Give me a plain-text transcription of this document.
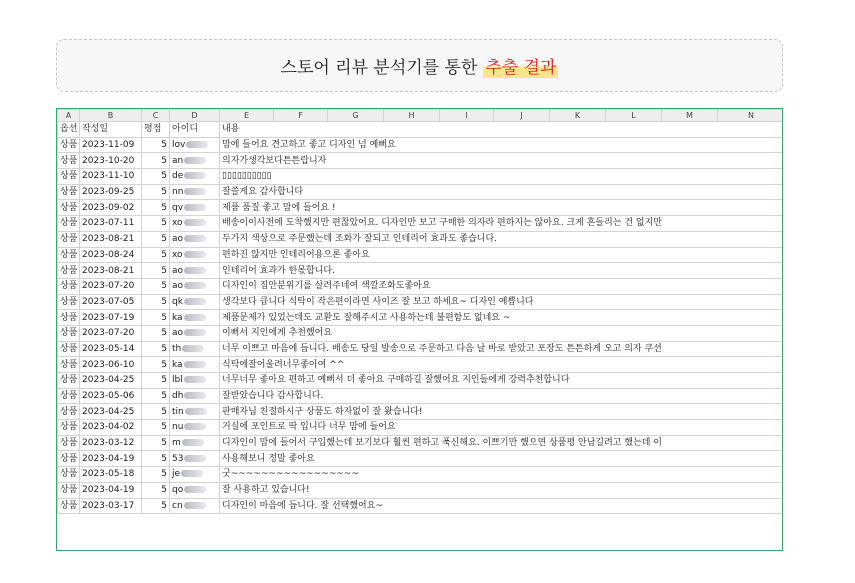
스토어 리뷰 분석기를 통한 추출 결과
A	B	C	D	E	F	G	H	I	J	K	L	M	N
옵션	작성일	평점	아이디	내용									
상품	2023-11-09	5	lov	맘에 들어요 견고하고 좋고 디자인 넘 예뻐요									
상품	2023-10-20	5	an	의자가생각보다튼튼랍니자									
상품	2023-11-10	5	de	▯▯▯▯▯▯▯▯▯▯									
상품	2023-09-25	5	nn	잘쓸게요 감사합니다									
상품	2023-09-02	5	qv	제품 품질 좋고 맘에 들어요 !									
상품	2023-07-11	5	xo	배송이이사전에 도착했지만 편찮았어요. 디자인만 보고 구매한 의자라 편하지는 않아요. 크게 흔들리는 건 없지만									
상품	2023-08-21	5	ao	두가지 색상으로 주문했는데 조화가 잘되고 인테리어 효과도 좋습니다.									
상품	2023-08-24	5	xo	편하진 않지만 인테리어용으론 좋아요									
상품	2023-08-21	5	ao	인테리어 효과가 한몫합니다.									
상품	2023-07-20	5	ao	디자인이 집안분위기를 살려주네여 색깔조화도좋아요									
상품	2023-07-05	5	qk	생각보다 큽니다 식탁이 작은편이라면 사이즈 잘 보고 하세요~ 디자인 예쁩니다									
상품	2023-07-19	5	ka	제품문제가 있었는데도 교환도 잘해주시고 사용하는데 불편함도 없네요 ~									
상품	2023-07-20	5	ao	이뻐서 지인에게 추천했어요									
상품	2023-05-14	5	th	너무 이쁘고 마음에 듭니다. 배송도 당일 발송으로 주문하고 다음 날 바로 받았고 포장도 튼튼하게 오고 의자 쿠션									
상품	2023-06-10	5	ka	식탁에잘어울려너무좋아여 ^^									
상품	2023-04-25	5	lbl	너무너무 좋아요 편하고 예뻐서 더 좋아요 구매하길 잘했어요 지인들에게 강력추천합니다									
상품	2023-05-06	5	dh	잘받았습니다 감사합니다.									
상품	2023-04-25	5	tin	판매자님 친절하시구 상품도 하자없이 잘 왔습니다!									
상품	2023-04-02	5	nu	거실에 포인트로 딱 입니다 너무 맘에 들어요									
상품	2023-03-12	5	m	디자인이 맘에 들어서 구입했는데 보기보다 훨씬 편하고 푹신해요. 이쁘기만 했으면 상품평 안남길려고 했는데 이									
상품	2023-04-19	5	53	사용해보니 정말 좋아요									
상품	2023-05-18	5	je	굿~~~~~~~~~~~~~~~~~									
상품	2023-04-19	5	qo	잘 사용하고 있습니다!									
상품	2023-03-17	5	cn	디자인이 마음에 듭니다. 잘 선택했어요~									
